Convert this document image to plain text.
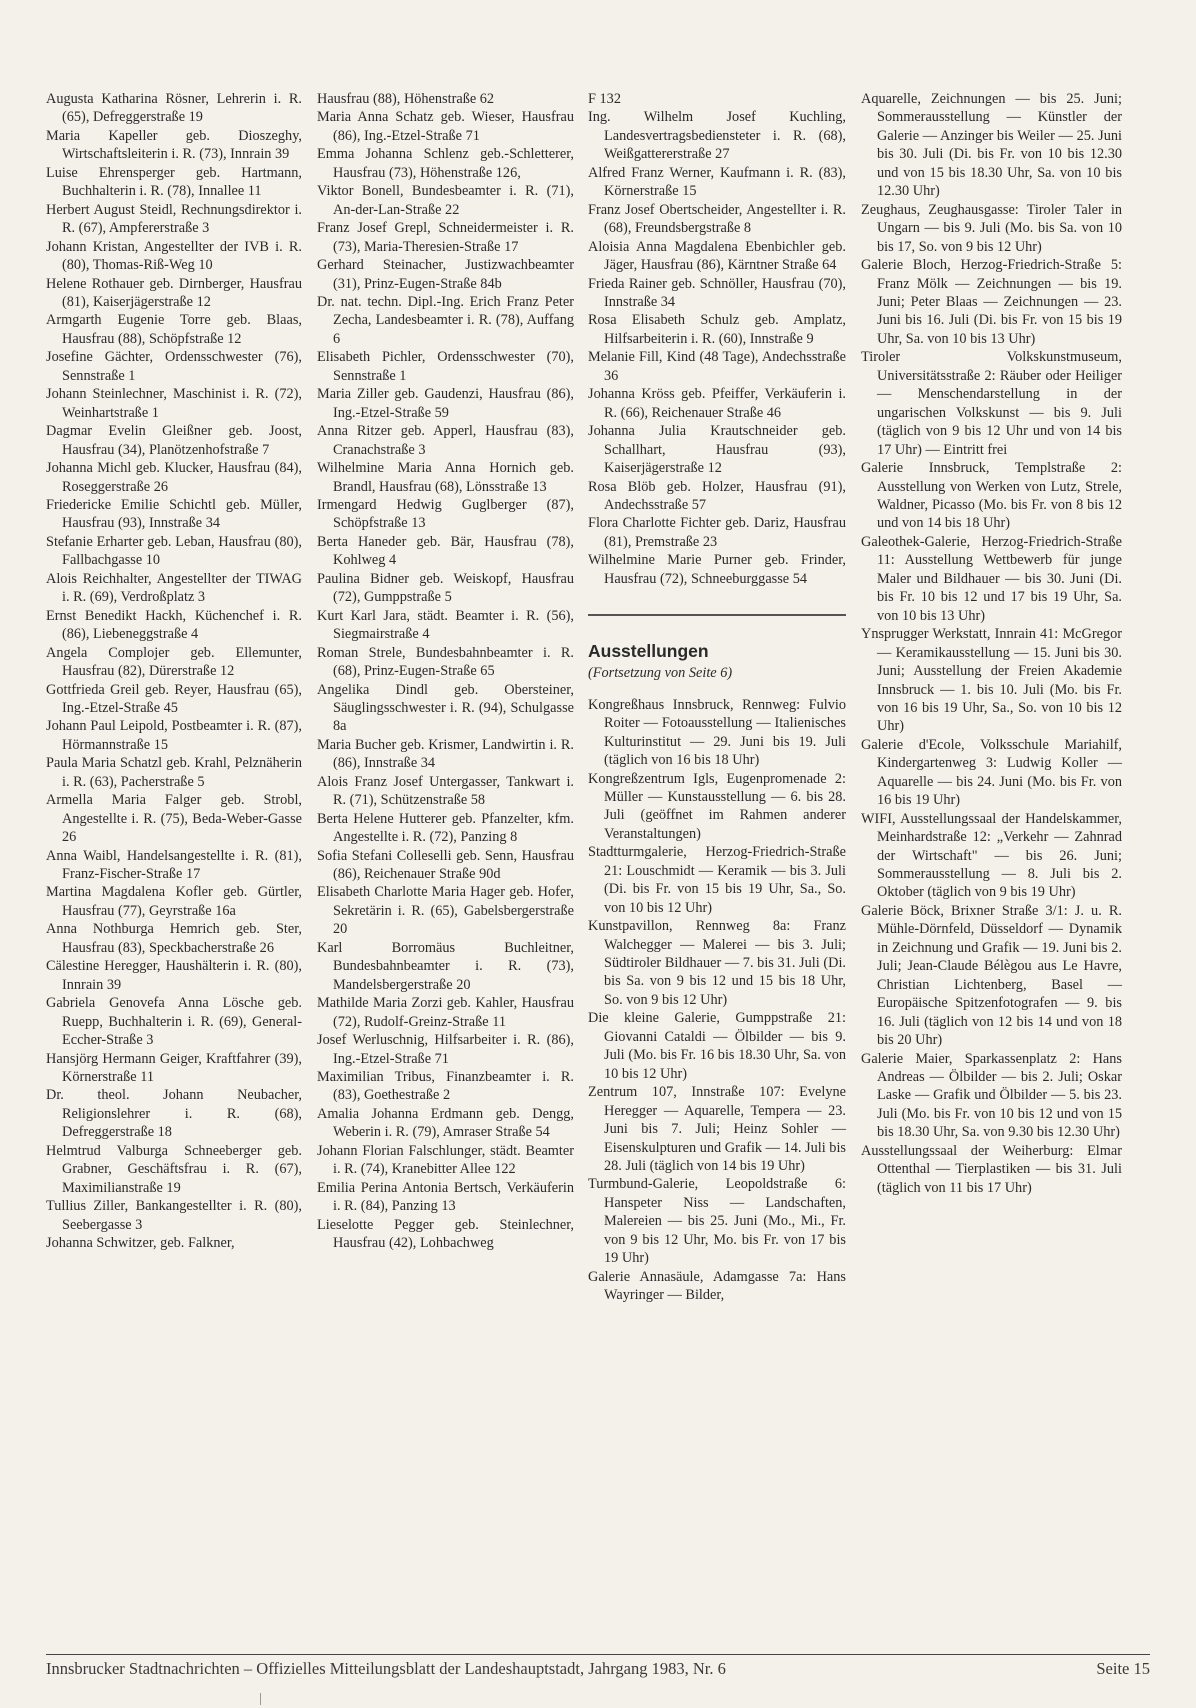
Augusta Katharina Rösner, Lehrerin i. R. (65), Defreggerstraße 19

Maria Kapeller geb. Dioszeghy, Wirtschaftsleiterin i. R. (73), Innrain 39

Luise Ehrensperger geb. Hartmann, Buchhalterin i. R. (78), Innallee 11

Herbert August Steidl, Rechnungsdirektor i. R. (67), Ampfererstraße 3

Johann Kristan, Angestellter der IVB i. R. (80), Thomas-Riß-Weg 10

Helene Rothauer geb. Dirnberger, Hausfrau (81), Kaiserjägerstraße 12

Armgarth Eugenie Torre geb. Blaas, Hausfrau (88), Schöpfstraße 12

Josefine Gächter, Ordensschwester (76), Sennstraße 1

Johann Steinlechner, Maschinist i. R. (72), Weinhartstraße 1

Dagmar Evelin Gleißner geb. Joost, Hausfrau (34), Planötzenhofstraße 7

Johanna Michl geb. Klucker, Hausfrau (84), Roseggerstraße 26

Friedericke Emilie Schichtl geb. Müller, Hausfrau (93), Innstraße 34

Stefanie Erharter geb. Leban, Hausfrau (80), Fallbachgasse 10

Alois Reichhalter, Angestellter der TIWAG i. R. (69), Verdroßplatz 3

Ernst Benedikt Hackh, Küchenchef i. R. (86), Liebeneggstraße 4

Angela Complojer geb. Ellemunter, Hausfrau (82), Dürerstraße 12

Gottfrieda Greil geb. Reyer, Hausfrau (65), Ing.-Etzel-Straße 45

Johann Paul Leipold, Postbeamter i. R. (87), Hörmannstraße 15

Paula Maria Schatzl geb. Krahl, Pelznäherin i. R. (63), Pacherstraße 5

Armella Maria Falger geb. Strobl, Angestellte i. R. (75), Beda-Weber-Gasse 26

Anna Waibl, Handelsangestellte i. R. (81), Franz-Fischer-Straße 17

Martina Magdalena Kofler geb. Gürtler, Hausfrau (77), Geyrstraße 16a

Anna Nothburga Hemrich geb. Ster, Hausfrau (83), Speckbacherstraße 26

Cälestine Heregger, Haushälterin i. R. (80), Innrain 39

Gabriela Genovefa Anna Lösche geb. Ruepp, Buchhalterin i. R. (69), General-Eccher-Straße 3

Hansjörg Hermann Geiger, Kraftfahrer (39), Körnerstraße 11

Dr. theol. Johann Neubacher, Religionslehrer i. R. (68), Defreggerstraße 18

Helmtrud Valburga Schneeberger geb. Grabner, Geschäftsfrau i. R. (67), Maximilianstraße 19

Tullius Ziller, Bankangestellter i. R. (80), Seebergasse 3

Johanna Schwitzer, geb. Falkner,

Hausfrau (88), Höhenstraße 62

Maria Anna Schatz geb. Wieser, Hausfrau (86), Ing.-Etzel-Straße 71

Emma Johanna Schlenz geb.-Schletterer, Hausfrau (73), Höhenstraße 126,

Viktor Bonell, Bundesbeamter i. R. (71), An-der-Lan-Straße 22

Franz Josef Grepl, Schneidermeister i. R. (73), Maria-Theresien-Straße 17

Gerhard Steinacher, Justizwachbeamter (31), Prinz-Eugen-Straße 84b

Dr. nat. techn. Dipl.-Ing. Erich Franz Peter Zecha, Landesbeamter i. R. (78), Auffang 6

Elisabeth Pichler, Ordensschwester (70), Sennstraße 1

Maria Ziller geb. Gaudenzi, Hausfrau (86), Ing.-Etzel-Straße 59

Anna Ritzer geb. Apperl, Hausfrau (83), Cranachstraße 3

Wilhelmine Maria Anna Hornich geb. Brandl, Hausfrau (68), Lönsstraße 13

Irmengard Hedwig Guglberger (87), Schöpfstraße 13

Berta Haneder geb. Bär, Hausfrau (78), Kohlweg 4

Paulina Bidner geb. Weiskopf, Hausfrau (72), Gumppstraße 5

Kurt Karl Jara, städt. Beamter i. R. (56), Siegmairstraße 4

Roman Strele, Bundesbahnbeamter i. R. (68), Prinz-Eugen-Straße 65

Angelika Dindl geb. Obersteiner, Säuglingsschwester i. R. (94), Schulgasse 8a

Maria Bucher geb. Krismer, Landwirtin i. R. (86), Innstraße 34

Alois Franz Josef Untergasser, Tankwart i. R. (71), Schützenstraße 58

Berta Helene Hutterer geb. Pfanzelter, kfm. Angestellte i. R. (72), Panzing 8

Sofia Stefani Colleselli geb. Senn, Hausfrau (86), Reichenauer Straße 90d

Elisabeth Charlotte Maria Hager geb. Hofer, Sekretärin i. R. (65), Gabelsbergerstraße 20

Karl Borromäus Buchleitner, Bundesbahnbeamter i. R. (73), Mandelsbergerstraße 20

Mathilde Maria Zorzi geb. Kahler, Hausfrau (72), Rudolf-Greinz-Straße 11

Josef Werluschnig, Hilfsarbeiter i. R. (86), Ing.-Etzel-Straße 71

Maximilian Tribus, Finanzbeamter i. R. (83), Goethestraße 2

Amalia Johanna Erdmann geb. Dengg, Weberin i. R. (79), Amraser Straße 54

Johann Florian Falschlunger, städt. Beamter i. R. (74), Kranebitter Allee 122

Emilia Perina Antonia Bertsch, Verkäuferin i. R. (84), Panzing 13

Lieselotte Pegger geb. Steinlechner, Hausfrau (42), Lohbachweg

F 132

Ing. Wilhelm Josef Kuchling, Landesvertragsbediensteter i. R. (68), Weißgattererstraße 27

Alfred Franz Werner, Kaufmann i. R. (83), Körnerstraße 15

Franz Josef Obertscheider, Angestellter i. R. (68), Freundsbergstraße 8

Aloisia Anna Magdalena Ebenbichler geb. Jäger, Hausfrau (86), Kärntner Straße 64

Frieda Rainer geb. Schnöller, Hausfrau (70), Innstraße 34

Rosa Elisabeth Schulz geb. Amplatz, Hilfsarbeiterin i. R. (60), Innstraße 9

Melanie Fill, Kind (48 Tage), Andechsstraße 36

Johanna Kröss geb. Pfeiffer, Verkäuferin i. R. (66), Reichenauer Straße 46

Johanna Julia Krautschneider geb. Schallhart, Hausfrau (93), Kaiserjägerstraße 12

Rosa Blöb geb. Holzer, Hausfrau (91), Andechsstraße 57

Flora Charlotte Fichter geb. Dariz, Hausfrau (81), Premstraße 23

Wilhelmine Marie Purner geb. Frinder, Hausfrau (72), Schneeburggasse 54

Ausstellungen

(Fortsetzung von Seite 6)

Kongreßhaus Innsbruck, Rennweg: Fulvio Roiter — Fotoausstellung — Italienisches Kulturinstitut — 29. Juni bis 19. Juli (täglich von 16 bis 18 Uhr)

Kongreßzentrum Igls, Eugenpromenade 2: Müller — Kunstausstellung — 6. bis 28. Juli (geöffnet im Rahmen anderer Veranstaltungen)

Stadtturmgalerie, Herzog-Friedrich-Straße 21: Louschmidt — Keramik — bis 3. Juli (Di. bis Fr. von 15 bis 19 Uhr, Sa., So. von 10 bis 12 Uhr)

Kunstpavillon, Rennweg 8a: Franz Walchegger — Malerei — bis 3. Juli; Südtiroler Bildhauer — 7. bis 31. Juli (Di. bis Sa. von 9 bis 12 und 15 bis 18 Uhr, So. von 9 bis 12 Uhr)

Die kleine Galerie, Gumppstraße 21: Giovanni Cataldi — Ölbilder — bis 9. Juli (Mo. bis Fr. 16 bis 18.30 Uhr, Sa. von 10 bis 12 Uhr)

Zentrum 107, Innstraße 107: Evelyne Heregger — Aquarelle, Tempera — 23. Juni bis 7. Juli; Heinz Sohler — Eisenskulpturen und Grafik — 14. Juli bis 28. Juli (täglich von 14 bis 19 Uhr)

Turmbund-Galerie, Leopoldstraße 6: Hanspeter Niss — Landschaften, Malereien — bis 25. Juni (Mo., Mi., Fr. von 9 bis 12 Uhr, Mo. bis Fr. von 17 bis 19 Uhr)

Galerie Annasäule, Adamgasse 7a: Hans Wayringer — Bilder,

Aquarelle, Zeichnungen — bis 25. Juni; Sommerausstellung — Künstler der Galerie — Anzinger bis Weiler — 25. Juni bis 30. Juli (Di. bis Fr. von 10 bis 12.30 und von 15 bis 18.30 Uhr, Sa. von 10 bis 12.30 Uhr)

Zeughaus, Zeughausgasse: Tiroler Taler in Ungarn — bis 9. Juli (Mo. bis Sa. von 10 bis 17, So. von 9 bis 12 Uhr)

Galerie Bloch, Herzog-Friedrich-Straße 5: Franz Mölk — Zeichnungen — bis 19. Juni; Peter Blaas — Zeichnungen — 23. Juni bis 16. Juli (Di. bis Fr. von 15 bis 19 Uhr, Sa. von 10 bis 13 Uhr)

Tiroler Volkskunstmuseum, Universitätsstraße 2: Räuber oder Heiliger — Menschendarstellung in der ungarischen Volkskunst — bis 9. Juli (täglich von 9 bis 12 Uhr und von 14 bis 17 Uhr) — Eintritt frei

Galerie Innsbruck, Templstraße 2: Ausstellung von Werken von Lutz, Strele, Waldner, Picasso (Mo. bis Fr. von 8 bis 12 und von 14 bis 18 Uhr)

Galeothek-Galerie, Herzog-Friedrich-Straße 11: Ausstellung Wettbewerb für junge Maler und Bildhauer — bis 30. Juni (Di. bis Fr. 10 bis 12 und 17 bis 19 Uhr, Sa. von 10 bis 13 Uhr)

Ynsprugger Werkstatt, Innrain 41: McGregor — Keramikausstellung — 15. Juni bis 30. Juni; Ausstellung der Freien Akademie Innsbruck — 1. bis 10. Juli (Mo. bis Fr. von 16 bis 19 Uhr, Sa., So. von 10 bis 12 Uhr)

Galerie d'Ecole, Volksschule Mariahilf, Kindergartenweg 3: Ludwig Koller — Aquarelle — bis 24. Juni (Mo. bis Fr. von 16 bis 19 Uhr)

WIFI, Ausstellungssaal der Handelskammer, Meinhardstraße 12: „Verkehr — Zahnrad der Wirtschaft" — bis 26. Juni; Sommerausstellung — 8. Juli bis 2. Oktober (täglich von 9 bis 19 Uhr)

Galerie Böck, Brixner Straße 3/1: J. u. R. Mühle-Dörnfeld, Düsseldorf — Dynamik in Zeichnung und Grafik — 19. Juni bis 2. Juli; Jean-Claude Bélègou aus Le Havre, Christian Lichtenberg, Basel — Europäische Spitzenfotografen — 9. bis 16. Juli (täglich von 12 bis 14 und von 18 bis 20 Uhr)

Galerie Maier, Sparkassenplatz 2: Hans Andreas — Ölbilder — bis 2. Juli; Oskar Laske — Grafik und Ölbilder — 5. bis 23. Juli (Mo. bis Fr. von 10 bis 12 und von 15 bis 18.30 Uhr, Sa. von 9.30 bis 12.30 Uhr)

Ausstellungssaal der Weiherburg: Elmar Ottenthal — Tierplastiken — bis 31. Juli (täglich von 11 bis 17 Uhr)

Innsbrucker Stadtnachrichten – Offizielles Mitteilungsblatt der Landeshauptstadt, Jahrgang 1983, Nr. 6	Seite 15
